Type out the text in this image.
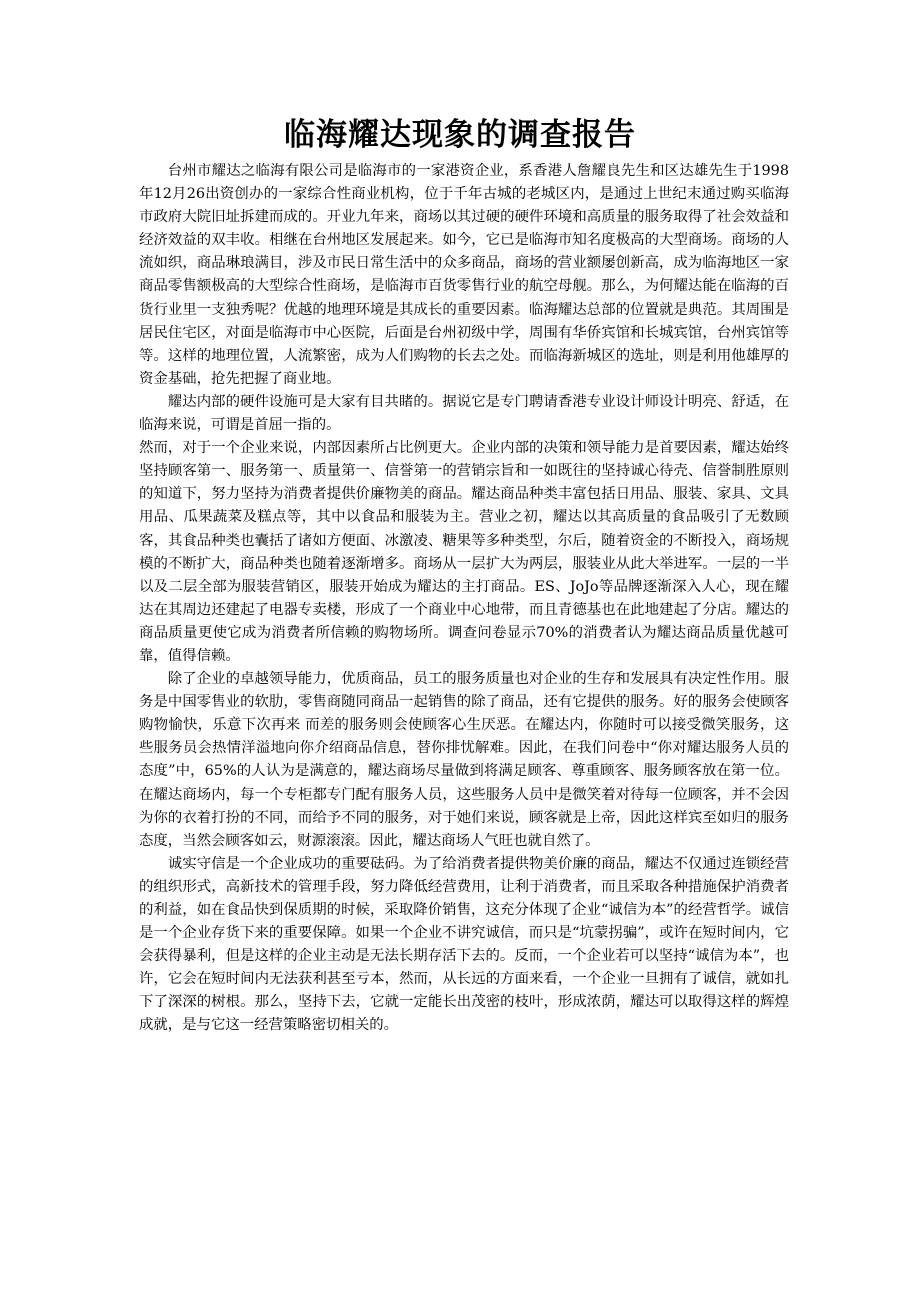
临海耀达现象的调查报告

台州市耀达之临海有限公司是临海市的一家港资企业，系香港人詹耀良先生和区达雄先生于1998年12月26出资创办的一家综合性商业机构，位于千年古城的老城区内，是通过上世纪末通过购买临海市政府大院旧址拆建而成的。开业九年来，商场以其过硬的硬件环境和高质量的服务取得了社会效益和经济效益的双丰收。相继在台州地区发展起来。如今，它已是临海市知名度极高的大型商场。商场的人流如织，商品琳琅满目，涉及市民日常生活中的众多商品，商场的营业额屡创新高，成为临海地区一家商品零售额极高的大型综合性商场，是临海市百货零售行业的航空母舰。那么，为何耀达能在临海的百货行业里一支独秀呢？优越的地理环境是其成长的重要因素。临海耀达总部的位置就是典范。其周围是居民住宅区，对面是临海市中心医院，后面是台州初级中学，周围有华侨宾馆和长城宾馆，台州宾馆等等。这样的地理位置，人流繁密，成为人们购物的长去之处。而临海新城区的选址，则是利用他雄厚的资金基础，抢先把握了商业地。

耀达内部的硬件设施可是大家有目共睹的。据说它是专门聘请香港专业设计师设计明亮、舒适，在临海来说，可谓是首屈一指的。

然而，对于一个企业来说，内部因素所占比例更大。企业内部的决策和领导能力是首要因素，耀达始终坚持顾客第一、服务第一、质量第一、信誉第一的营销宗旨和一如既往的坚持诚心待壳、信誉制胜原则的知道下，努力坚持为消费者提供价廉物美的商品。耀达商品种类丰富包括日用品、服装、家具、文具用品、瓜果蔬菜及糕点等，其中以食品和服装为主。营业之初，耀达以其高质量的食品吸引了无数顾客，其食品种类也囊括了诸如方便面、冰激凌、糖果等多种类型，尔后，随着资金的不断投入，商场规模的不断扩大，商品种类也随着逐渐增多。商场从一层扩大为两层，服装业从此大举进军。一层的一半以及二层全部为服装营销区，服装开始成为耀达的主打商品。ES、JoJo等品牌逐渐深入人心，现在耀达在其周边还建起了电器专卖楼，形成了一个商业中心地带，而且青德基也在此地建起了分店。耀达的商品质量更使它成为消费者所信赖的购物场所。调查问卷显示70%的消费者认为耀达商品质量优越可靠，值得信赖。

除了企业的卓越领导能力，优质商品，员工的服务质量也对企业的生存和发展具有决定性作用。服务是中国零售业的软肋，零售商随同商品一起销售的除了商品，还有它提供的服务。好的服务会使顾客购物愉快，乐意下次再来 而差的服务则会使顾客心生厌恶。在耀达内，你随时可以接受微笑服务，这些服务员会热情洋溢地向你介绍商品信息，替你排忧解难。因此，在我们问卷中“你对耀达服务人员的态度”中，65%的人认为是满意的，耀达商场尽量做到将满足顾客、尊重顾客、服务顾客放在第一位。在耀达商场内，每一个专柜都专门配有服务人员，这些服务人员中是微笑着对待每一位顾客，并不会因为你的衣着打扮的不同，而给予不同的服务，对于她们来说，顾客就是上帝，因此这样宾至如归的服务态度，当然会顾客如云，财源滚滚。因此，耀达商场人气旺也就自然了。

诚实守信是一个企业成功的重要砝码。为了给消费者提供物美价廉的商品，耀达不仅通过连锁经营的组织形式，高新技术的管理手段，努力降低经营费用，让利于消费者，而且采取各种措施保护消费者的利益，如在食品快到保质期的时候，采取降价销售，这充分体现了企业“诚信为本”的经营哲学。诚信是一个企业存货下来的重要保障。如果一个企业不讲究诚信，而只是“坑蒙拐骗”，或许在短时间内，它会获得暴利，但是这样的企业主动是无法长期存活下去的。反而，一个企业若可以坚持“诚信为本”，也许，它会在短时间内无法获利甚至亏本，然而，从长远的方面来看，一个企业一旦拥有了诚信，就如扎下了深深的树根。那么，坚持下去，它就一定能长出茂密的枝叶，形成浓荫，耀达可以取得这样的辉煌成就，是与它这一经营策略密切相关的。
